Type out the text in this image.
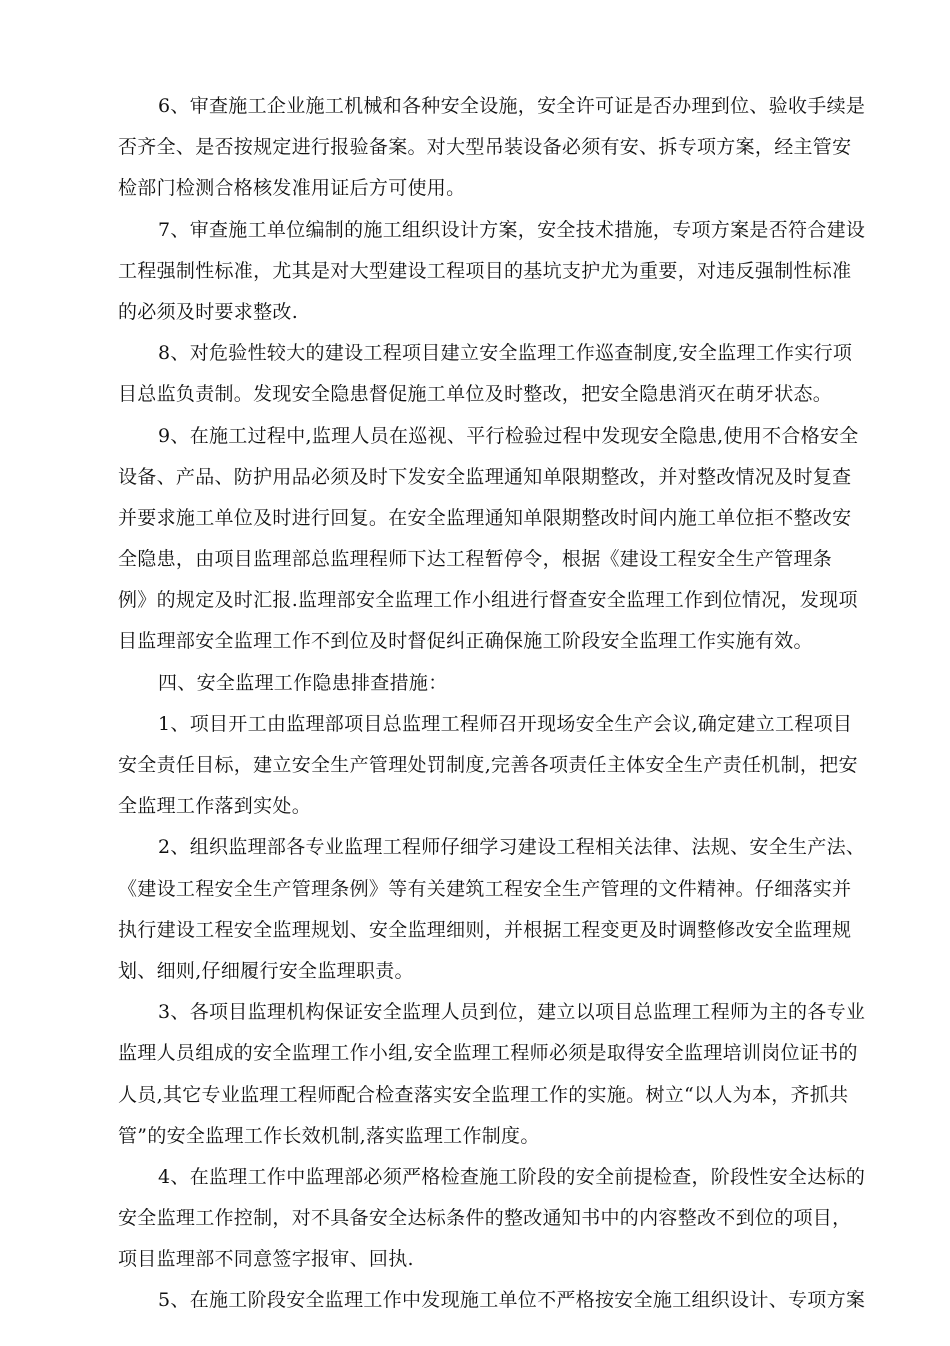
6、审查施工企业施工机械和各种安全设施，安全许可证是否办理到位、验收手续是
否齐全、是否按规定进行报验备案。对大型吊装设备必须有安、拆专项方案，经主管安
检部门检测合格核发准用证后方可使用。
7、审查施工单位编制的施工组织设计方案，安全技术措施，专项方案是否符合建设
工程强制性标准，尤其是对大型建设工程项目的基坑支护尤为重要，对违反强制性标准
的必须及时要求整改.
8、对危验性较大的建设工程项目建立安全监理工作巡查制度,安全监理工作实行项
目总监负责制。发现安全隐患督促施工单位及时整改，把安全隐患消灭在萌牙状态。
9、在施工过程中,监理人员在巡视、平行检验过程中发现安全隐患,使用不合格安全
设备、产品、防护用品必须及时下发安全监理通知单限期整改，并对整改情况及时复查
并要求施工单位及时进行回复。在安全监理通知单限期整改时间内施工单位拒不整改安
全隐患，由项目监理部总监理程师下达工程暂停令，根据《建设工程安全生产管理条
例》的规定及时汇报.监理部安全监理工作小组进行督查安全监理工作到位情况，发现项
目监理部安全监理工作不到位及时督促纠正确保施工阶段安全监理工作实施有效。
四、安全监理工作隐患排查措施：
1、项目开工由监理部项目总监理工程师召开现场安全生产会议,确定建立工程项目
安全责任目标，建立安全生产管理处罚制度,完善各项责任主体安全生产责任机制，把安
全监理工作落到实处。
2、组织监理部各专业监理工程师仔细学习建设工程相关法律、法规、安全生产法、
《建设工程安全生产管理条例》等有关建筑工程安全生产管理的文件精神。仔细落实并
执行建设工程安全监理规划、安全监理细则，并根据工程变更及时调整修改安全监理规
划、细则,仔细履行安全监理职责。
3、各项目监理机构保证安全监理人员到位，建立以项目总监理工程师为主的各专业
监理人员组成的安全监理工作小组,安全监理工程师必须是取得安全监理培训岗位证书的
人员,其它专业监理工程师配合检查落实安全监理工作的实施。树立“以人为本，齐抓共
管”的安全监理工作长效机制,落实监理工作制度。
4、在监理工作中监理部必须严格检查施工阶段的安全前提检查，阶段性安全达标的
安全监理工作控制，对不具备安全达标条件的整改通知书中的内容整改不到位的项目，
项目监理部不同意签字报审、回执.
5、在施工阶段安全监理工作中发现施工单位不严格按安全施工组织设计、专项方案
